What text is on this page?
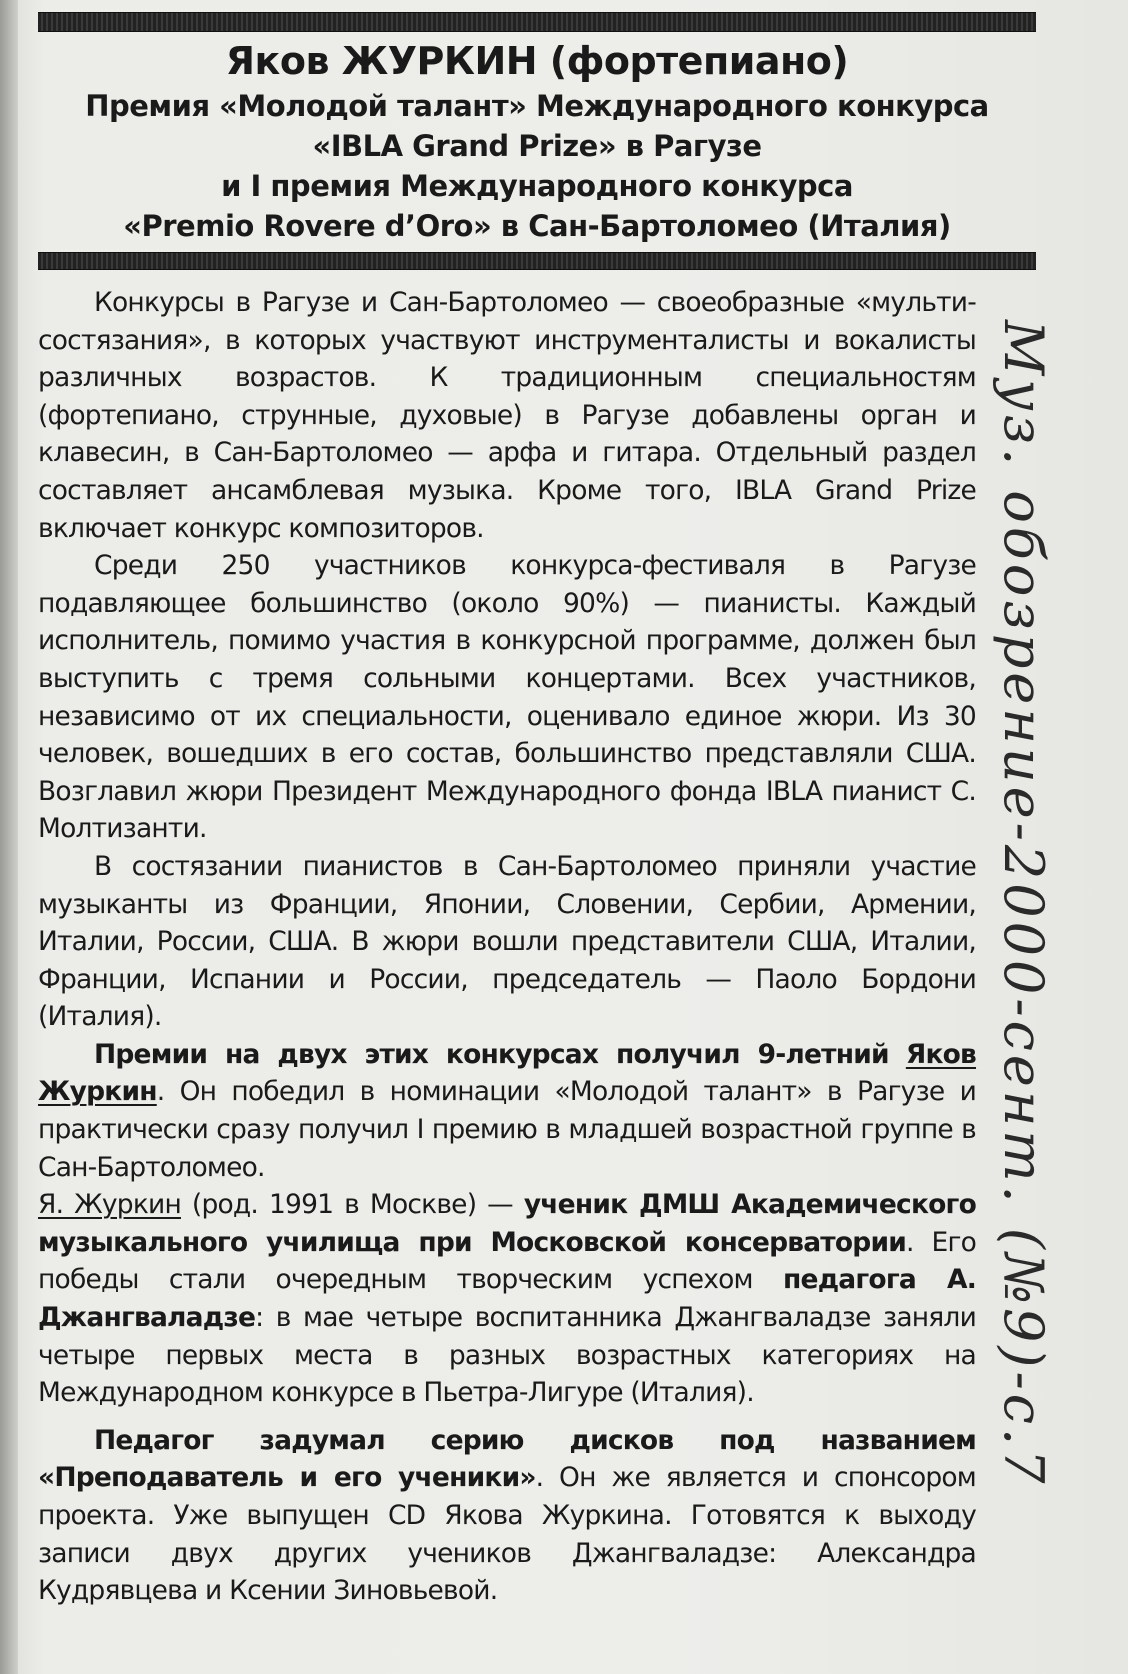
Яков ЖУРКИН (фортепиано)
Премия «Молодой талант» Международного конкурса
«IBLA Grand Prize» в Рагузе
и I премия Международного конкурса
«Premio Rovere d’Oro» в Сан-Бартоломео (Италия)

Конкурсы в Рагузе и Сан-Бартоломео — своеобразные «мульти-состязания», в которых участвуют инструменталисты и вокалисты различных возрастов. К традиционным специальностям (фортепиано, струнные, духовые) в Рагузе добавлены орган и клавесин, в Сан-Бартоломео — арфа и гитара. Отдельный раздел составляет ансамблевая музыка. Кроме того, IBLA Grand Prize включает конкурс композиторов.

Среди 250 участников конкурса-фестиваля в Рагузе подавляющее большинство (около 90%) — пианисты. Каждый исполнитель, помимо участия в конкурсной программе, должен был выступить с тремя сольными концертами. Всех участников, независимо от их специальности, оценивало единое жюри. Из 30 человек, вошедших в его состав, большинство представляли США. Возглавил жюри Президент Международного фонда IBLA пианист С. Молтизанти.

В состязании пианистов в Сан-Бартоломео приняли участие музыканты из Франции, Японии, Словении, Сербии, Армении, Италии, России, США. В жюри вошли представители США, Италии, Франции, Испании и России, председатель — Паоло Бордони (Италия).

Премии на двух этих конкурсах получил 9-летний Яков Журкин. Он победил в номинации «Молодой талант» в Рагузе и практически сразу получил I премию в младшей возрастной группе в Сан-Бартоломео.

Я. Журкин (род. 1991 в Москве) — ученик ДМШ Академического музыкального училища при Московской консерватории. Его победы стали очередным творческим успехом педагога А. Джангваладзе: в мае четыре воспитанника Джангваладзе заняли четыре первых места в разных возрастных категориях на Международном конкурсе в Пьетра-Лигуре (Италия).

Педагог задумал серию дисков под названием «Преподаватель и его ученики». Он же является и спонсором проекта. Уже выпущен CD Якова Журкина. Готовятся к выходу записи двух других учеников Джангваладзе: Александра Кудрявцева и Ксении Зиновьевой.

Муз. обозрение-2000-сент. (№9)-с.7
